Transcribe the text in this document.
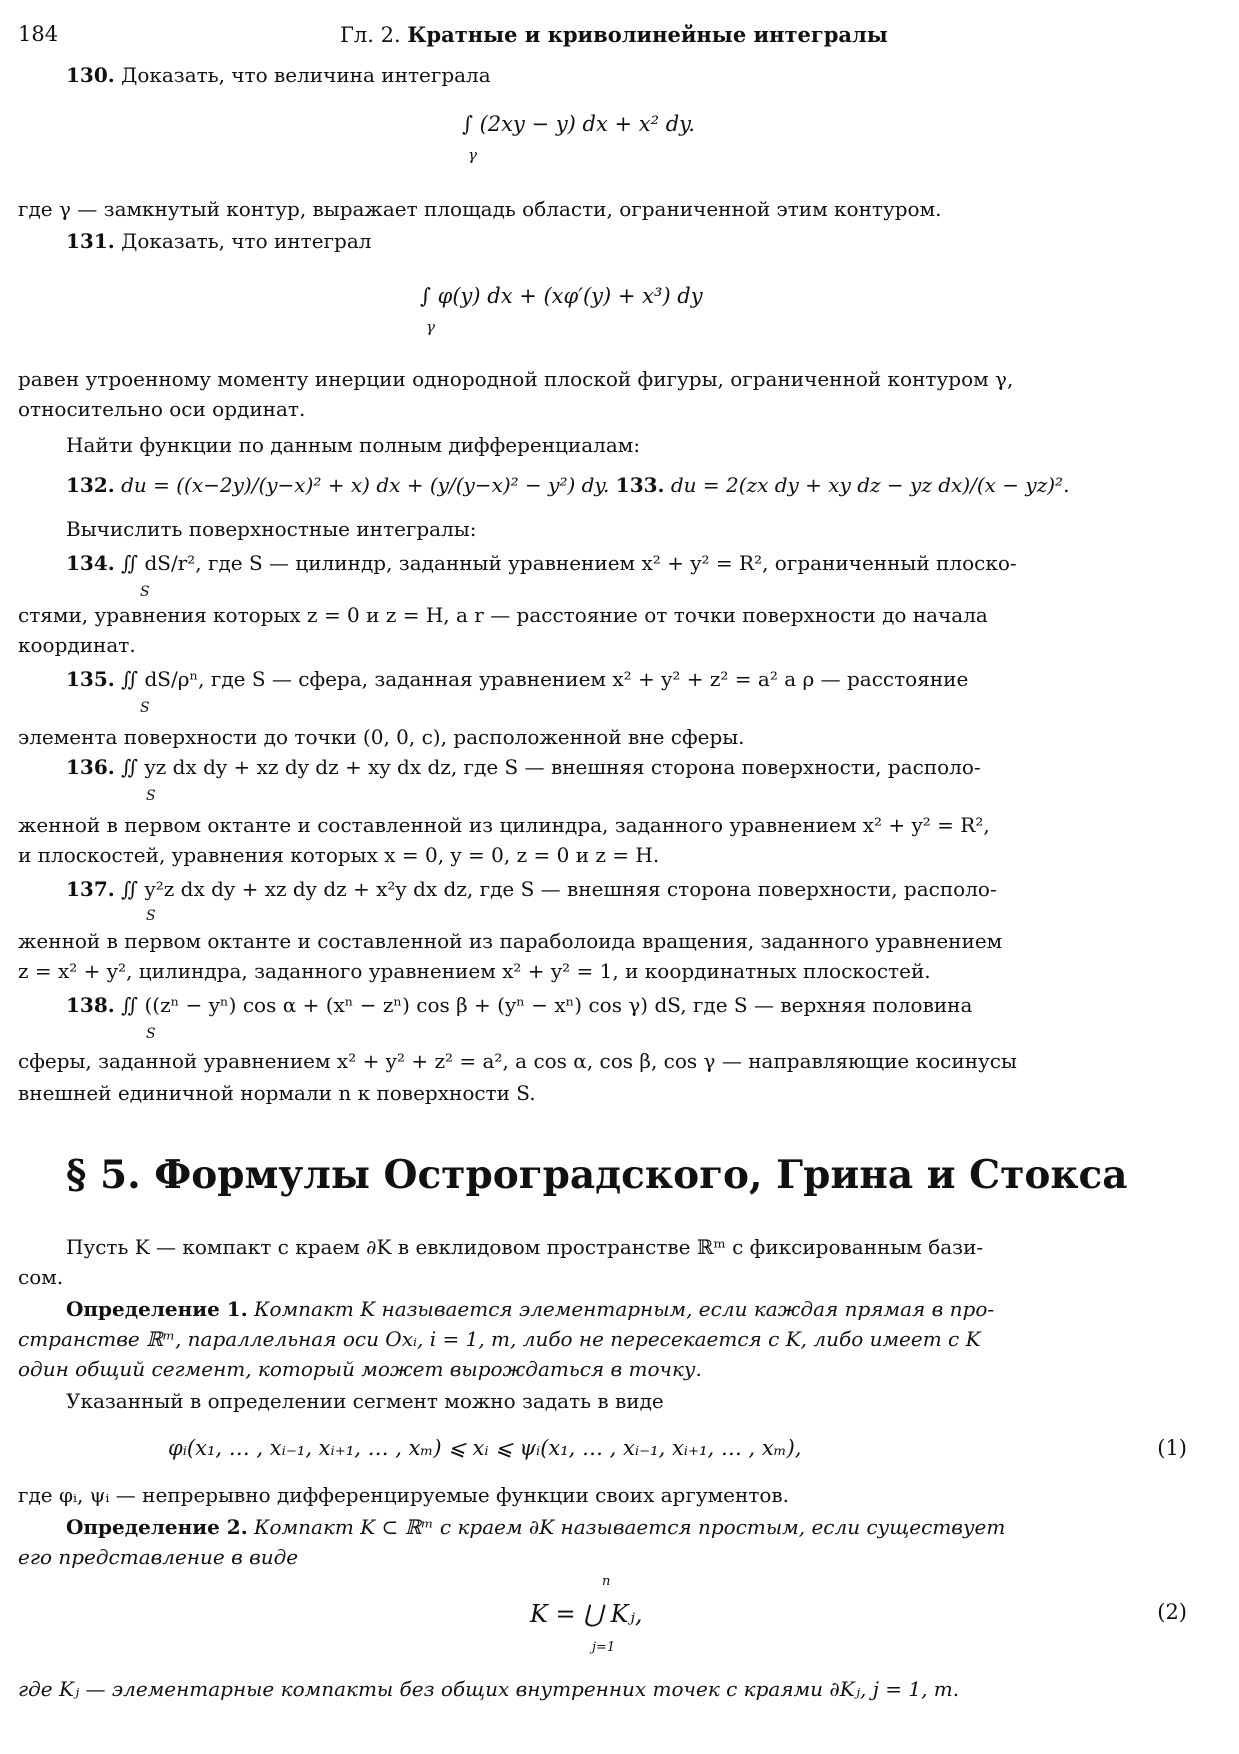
184	Гл. 2. Кратные и криволинейные интегралы
130. Доказать, что величина интеграла
∫ (2xy − y) dx + x² dy.
γ
где γ — замкнутый контур, выражает площадь области, ограниченной этим контуром.
131. Доказать, что интеграл
∫ φ(y) dx + (xφ′(y) + x³) dy
γ
равен утроенному моменту инерции однородной плоской фигуры, ограниченной контуром γ,
относительно оси ординат.
Найти функции по данным полным дифференциалам:
132. du = ((x−2y)/(y−x)² + x) dx + (y/(y−x)² − y²) dy. 133. du = 2(zx dy + xy dz − yz dx)/(x − yz)².
Вычислить поверхностные интегралы:
134. ∬ dS/r², где S — цилиндр, заданный уравнением x² + y² = R², ограниченный плоско-
S
стями, уравнения которых z = 0 и z = H, а r — расстояние от точки поверхности до начала
координат.
135. ∬ dS/ρⁿ, где S — сфера, заданная уравнением x² + y² + z² = a² а ρ — расстояние
S
элемента поверхности до точки (0, 0, c), расположенной вне сферы.
136. ∬ yz dx dy + xz dy dz + xy dx dz, где S — внешняя сторона поверхности, располо-
S
женной в первом октанте и составленной из цилиндра, заданного уравнением x² + y² = R²,
и плоскостей, уравнения которых x = 0, y = 0, z = 0 и z = H.
137. ∬ y²z dx dy + xz dy dz + x²y dx dz, где S — внешняя сторона поверхности, располо-
S
женной в первом октанте и составленной из параболоида вращения, заданного уравнением
z = x² + y², цилиндра, заданного уравнением x² + y² = 1, и координатных плоскостей.
138. ∬ ((zⁿ − yⁿ) cos α + (xⁿ − zⁿ) cos β + (yⁿ − xⁿ) cos γ) dS, где S — верхняя половина
S
сферы, заданной уравнением x² + y² + z² = a², а cos α, cos β, cos γ — направляющие косинусы
внешней единичной нормали n к поверхности S.
§ 5. Формулы Остроградского, Грина и Стокса
Пусть K — компакт с краем ∂K в евклидовом пространстве ℝᵐ с фиксированным бази-
сом.
Определение 1. Компакт K называется элементарным, если каждая прямая в про-
странстве ℝᵐ, параллельная оси Oxᵢ, i = 1, m, либо не пересекается с K, либо имеет с K
один общий сегмент, который может вырождаться в точку.
Указанный в определении сегмент можно задать в виде
φᵢ(x₁, … , xᵢ₋₁, xᵢ₊₁, … , xₘ) ⩽ xᵢ ⩽ ψᵢ(x₁, … , xᵢ₋₁, xᵢ₊₁, … , xₘ),	(1)
где φᵢ, ψᵢ — непрерывно дифференцируемые функции своих аргументов.
Определение 2. Компакт K ⊂ ℝᵐ с краем ∂K называется простым, если существует
его представление в виде
n
K = ⋃ Kⱼ,
j=1
(2)
где Kⱼ — элементарные компакты без общих внутренних точек с краями ∂Kⱼ, j = 1, m.
